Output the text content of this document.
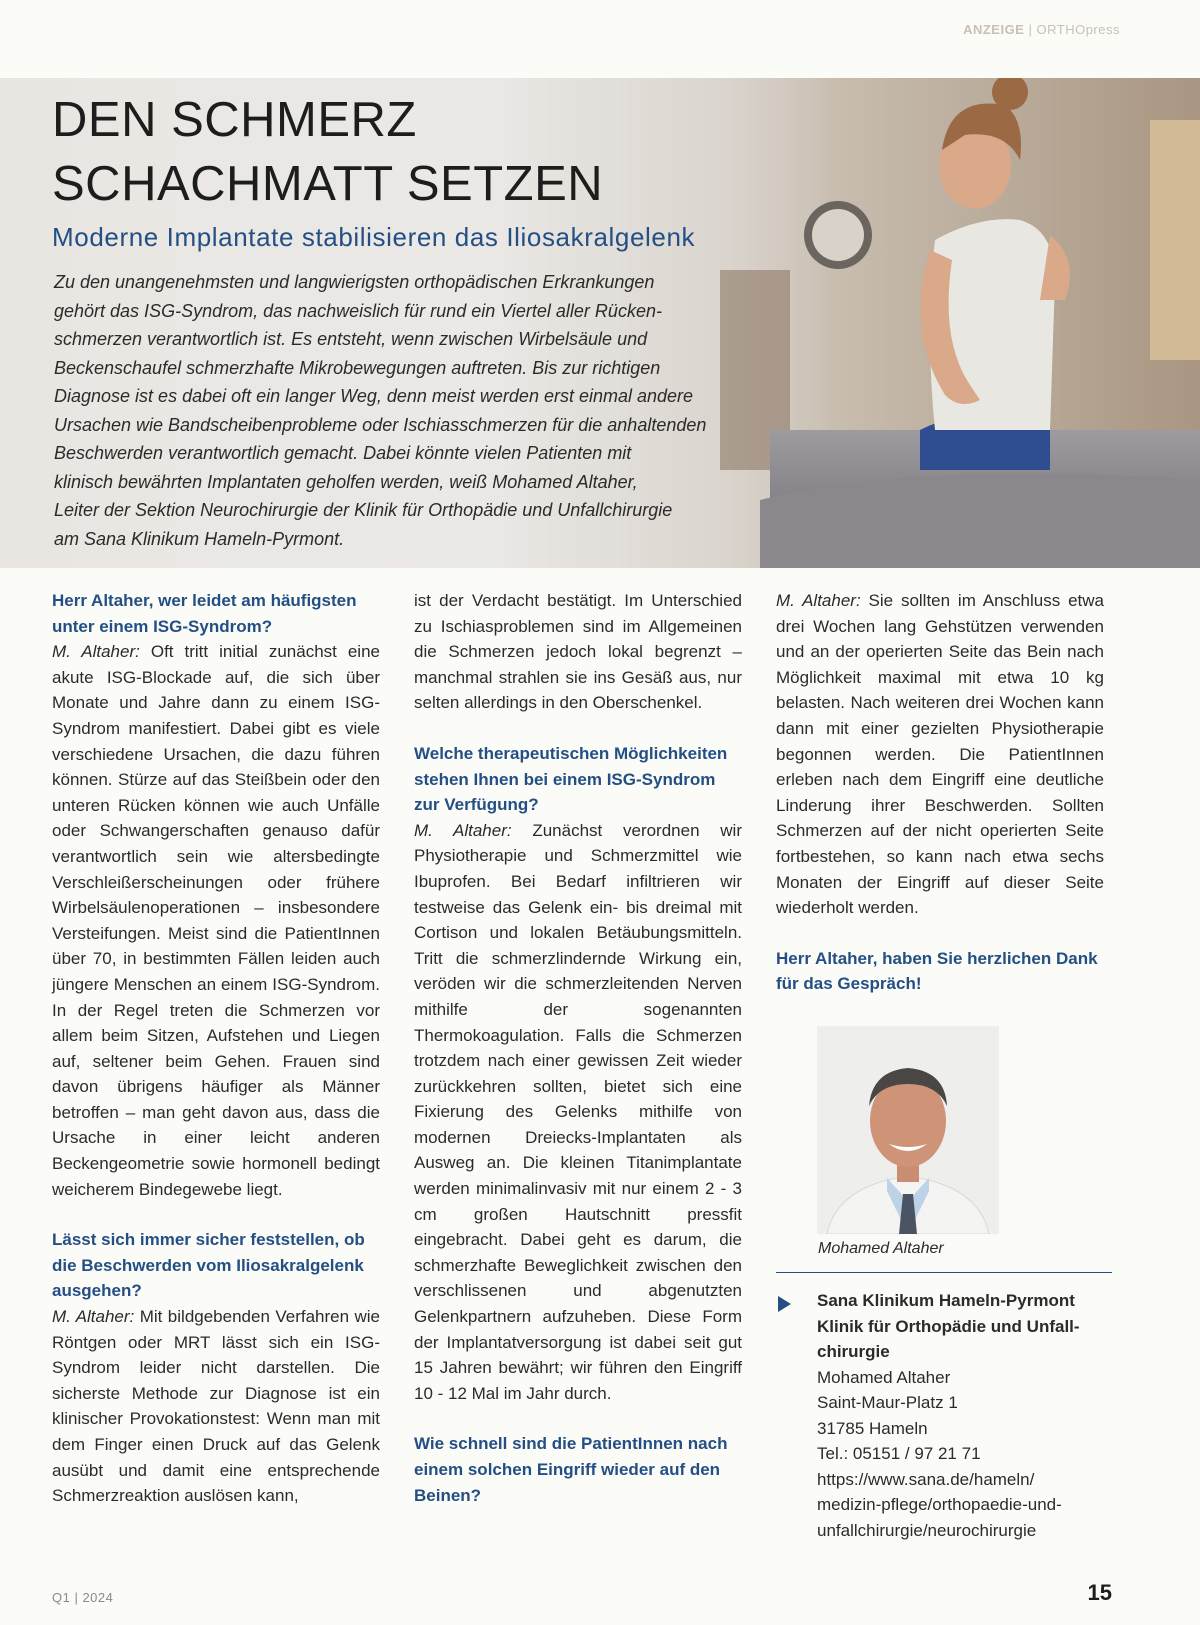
ANZEIGE | ORTHOpress
DEN SCHMERZ
SCHACHMATT SETZEN
Moderne Implantate stabilisieren das Iliosakralgelenk

Zu den unangenehmsten und langwierigsten orthopädischen Erkrankungen
gehört das ISG-Syndrom, das nachweislich für rund ein Viertel aller Rücken-
schmerzen verantwortlich ist. Es entsteht, wenn zwischen Wirbelsäule und
Beckenschaufel schmerzhafte Mikrobewegungen auftreten. Bis zur richtigen
Diagnose ist es dabei oft ein langer Weg, denn meist werden erst einmal andere
Ursachen wie Bandscheibenprobleme oder Ischiasschmerzen für die anhaltenden
Beschwerden verantwortlich gemacht. Dabei könnte vielen Patienten mit
klinisch bewährten Implantaten geholfen werden, weiß Mohamed Altaher,
Leiter der Sektion Neurochirurgie der Klinik für Orthopädie und Unfallchirurgie
am Sana Klinikum Hameln-Pyrmont.

Herr Altaher, wer leidet am häufigsten unter einem ISG-Syndrom?

M. Altaher: Oft tritt initial zunächst eine akute ISG-Blockade auf, die sich über Monate und Jahre dann zu einem ISG-Syndrom manifestiert. Dabei gibt es viele verschiedene Ursachen, die dazu führen können. Stürze auf das Steißbein oder den unteren Rücken können wie auch Unfälle oder Schwangerschaften genauso dafür verantwortlich sein wie altersbedingte Verschleißerscheinungen oder frühere Wirbelsäulenoperationen – insbesondere Versteifungen. Meist sind die PatientInnen über 70, in bestimmten Fällen leiden auch jüngere Menschen an einem ISG-Syndrom. In der Regel treten die Schmerzen vor allem beim Sitzen, Aufstehen und Liegen auf, seltener beim Gehen. Frauen sind davon übrigens häufiger als Männer betroffen – man geht davon aus, dass die Ursache in einer leicht anderen Beckengeometrie sowie hormonell bedingt weicherem Bindegewebe liegt.

Lässt sich immer sicher feststellen, ob die Beschwerden vom Iliosakralgelenk ausgehen?

M. Altaher: Mit bildgebenden Verfahren wie Röntgen oder MRT lässt sich ein ISG-Syndrom leider nicht darstellen. Die sicherste Methode zur Diagnose ist ein klinischer Provokationstest: Wenn man mit dem Finger einen Druck auf das Gelenk ausübt und damit eine entsprechende Schmerzreaktion auslösen kann,

ist der Verdacht bestätigt. Im Unterschied zu Ischiasproblemen sind im Allgemeinen die Schmerzen jedoch lokal begrenzt – manchmal strahlen sie ins Gesäß aus, nur selten allerdings in den Oberschenkel.

Welche therapeutischen Möglichkeiten stehen Ihnen bei einem ISG-Syndrom zur Verfügung?

M. Altaher: Zunächst verordnen wir Physiotherapie und Schmerzmittel wie Ibuprofen. Bei Bedarf infiltrieren wir testweise das Gelenk ein- bis dreimal mit Cortison und lokalen Betäubungsmitteln. Tritt die schmerzlindernde Wirkung ein, veröden wir die schmerzleitenden Nerven mithilfe der sogenannten Thermokoagulation. Falls die Schmerzen trotzdem nach einer gewissen Zeit wieder zurückkehren sollten, bietet sich eine Fixierung des Gelenks mithilfe von modernen Dreiecks-Implantaten als Ausweg an. Die kleinen Titanimplantate werden minimalinvasiv mit nur einem 2 - 3 cm großen Hautschnitt pressfit eingebracht. Dabei geht es darum, die schmerzhafte Beweglichkeit zwischen den verschlissenen und abgenutzten Gelenkpartnern aufzuheben. Diese Form der Implantatversorgung ist dabei seit gut 15 Jahren bewährt; wir führen den Eingriff 10 - 12 Mal im Jahr durch.

Wie schnell sind die PatientInnen nach einem solchen Eingriff wieder auf den Beinen?

M. Altaher: Sie sollten im Anschluss etwa drei Wochen lang Gehstützen verwenden und an der operierten Seite das Bein nach Möglichkeit maximal mit etwa 10 kg belasten. Nach weiteren drei Wochen kann dann mit einer gezielten Physiotherapie begonnen werden. Die PatientInnen erleben nach dem Eingriff eine deutliche Linderung ihrer Beschwerden. Sollten Schmerzen auf der nicht operierten Seite fortbestehen, so kann nach etwa sechs Monaten der Eingriff auf dieser Seite wiederholt werden.

Herr Altaher, haben Sie herzlichen Dank für das Gespräch!

Mohamed Altaher
Sana Klinikum Hameln-Pyrmont
Klinik für Orthopädie und Unfall-
chirurgie
Mohamed Altaher
Saint-Maur-Platz 1
31785 Hameln
Tel.: 05151 / 97 21 71
https://www.sana.de/hameln/
medizin-pflege/orthopaedie-und-
unfallchirurgie/neurochirurgie
Q1 | 2024	15
